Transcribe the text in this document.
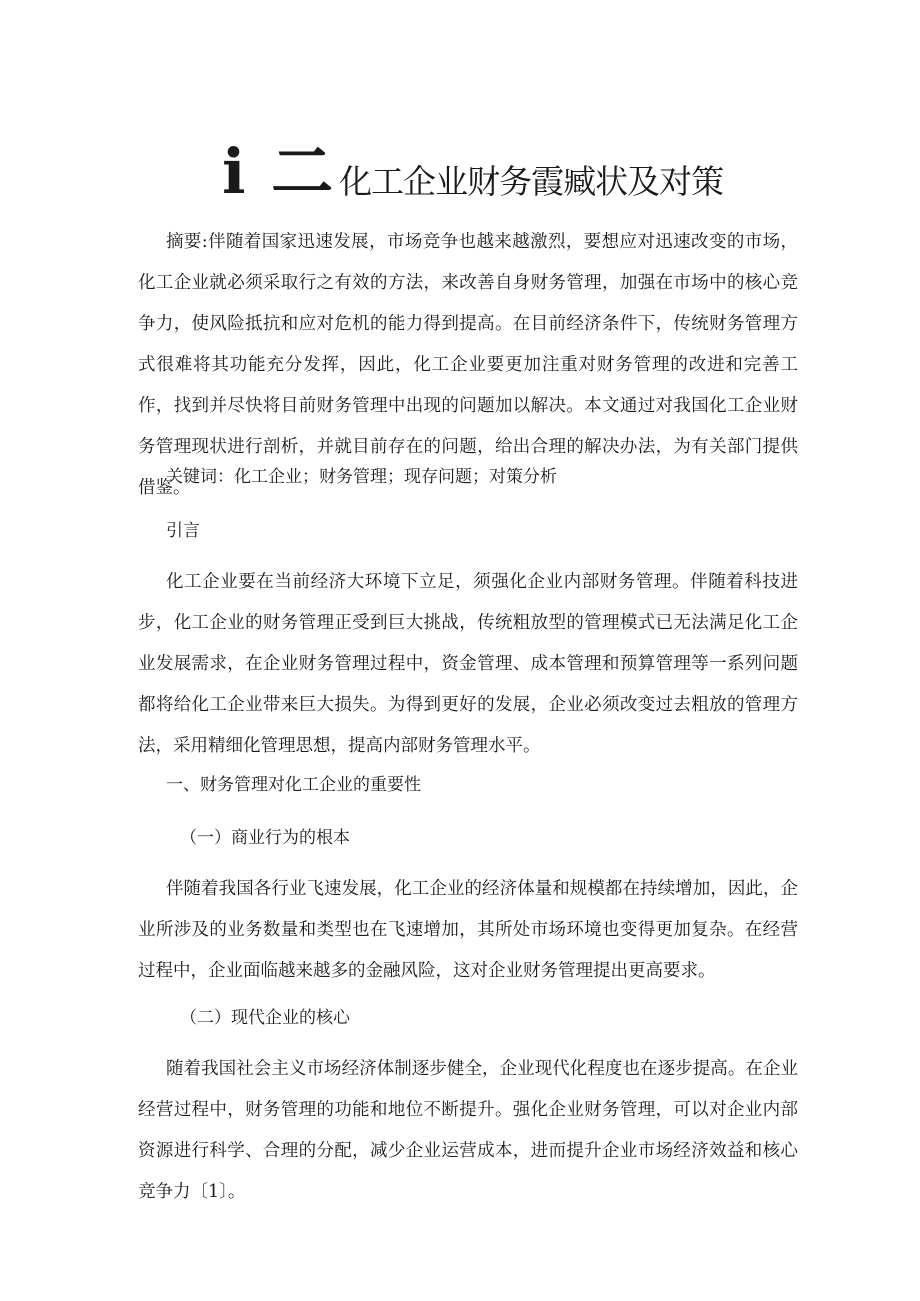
i 二 化工企业财务霞臧状及对策

摘要:伴随着国家迅速发展，市场竞争也越来越激烈，要想应对迅速改变的市场，化工企业就必须采取行之有效的方法，来改善自身财务管理，加强在市场中的核心竞争力，使风险抵抗和应对危机的能力得到提高。在目前经济条件下，传统财务管理方式很难将其功能充分发挥，因此，化工企业要更加注重对财务管理的改进和完善工作，找到并尽快将目前财务管理中出现的问题加以解决。本文通过对我国化工企业财务管理现状进行剖析，并就目前存在的问题，给出合理的解决办法，为有关部门提供借鉴。

关键词：化工企业；财务管理；现存问题；对策分析

引言

化工企业要在当前经济大环境下立足，须强化企业内部财务管理。伴随着科技进步，化工企业的财务管理正受到巨大挑战，传统粗放型的管理模式已无法满足化工企业发展需求，在企业财务管理过程中，资金管理、成本管理和预算管理等一系列问题都将给化工企业带来巨大损失。为得到更好的发展，企业必须改变过去粗放的管理方法，采用精细化管理思想，提高内部财务管理水平。

一、财务管理对化工企业的重要性

（一）商业行为的根本

伴随着我国各行业飞速发展，化工企业的经济体量和规模都在持续增加，因此，企业所涉及的业务数量和类型也在飞速增加，其所处市场环境也变得更加复杂。在经营过程中，企业面临越来越多的金融风险，这对企业财务管理提出更高要求。

（二）现代企业的核心

随着我国社会主义市场经济体制逐步健全，企业现代化程度也在逐步提高。在企业经营过程中，财务管理的功能和地位不断提升。强化企业财务管理，可以对企业内部资源进行科学、合理的分配，减少企业运营成本，进而提升企业市场经济效益和核心竞争力〔1〕。
